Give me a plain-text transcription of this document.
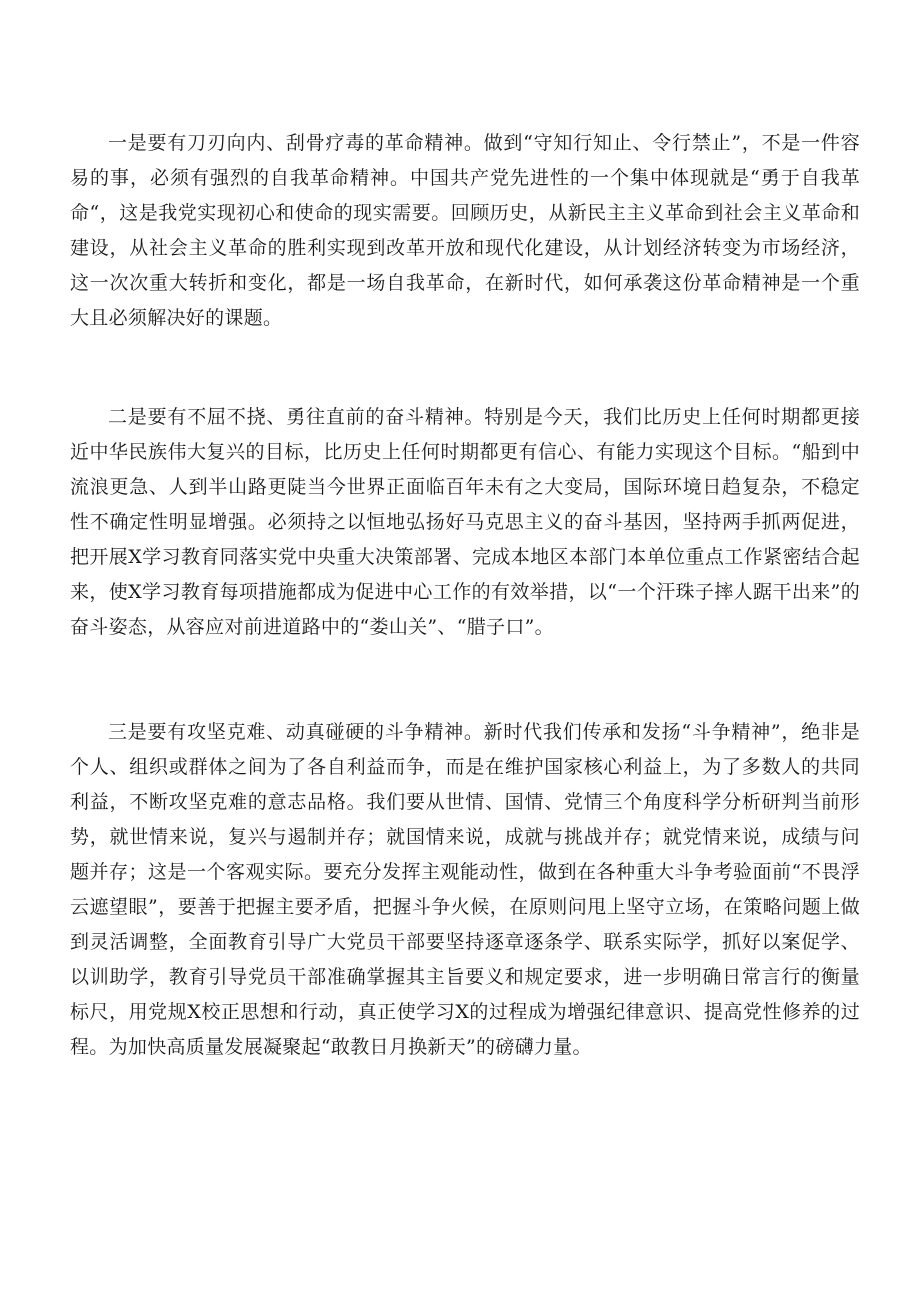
一是要有刀刃向内、刮骨疗毒的革命精神。做到“守知行知止、令行禁止”，不是一件容易的事，必须有强烈的自我革命精神。中国共产党先进性的一个集中体现就是“勇于自我革命“，这是我党实现初心和使命的现实需要。回顾历史，从新民主主义革命到社会主义革命和建设，从社会主义革命的胜利实现到改革开放和现代化建设，从计划经济转变为市场经济，这一次次重大转折和变化，都是一场自我革命，在新时代，如何承袭这份革命精神是一个重大且必须解决好的课题。

二是要有不屈不挠、勇往直前的奋斗精神。特别是今天，我们比历史上任何时期都更接近中华民族伟大复兴的目标，比历史上任何时期都更有信心、有能力实现这个目标。“船到中流浪更急、人到半山路更陡当今世界正面临百年未有之大变局，国际环境日趋复杂，不稳定性不确定性明显增强。必须持之以恒地弘扬好马克思主义的奋斗基因，坚持两手抓两促进，把开展X学习教育同落实党中央重大决策部署、完成本地区本部门本单位重点工作紧密结合起来，使X学习教育每项措施都成为促进中心工作的有效举措，以“一个汗珠子摔人踞干出来”的奋斗姿态，从容应对前进道路中的“娄山关”、“腊子口”。

三是要有攻坚克难、动真碰硬的斗争精神。新时代我们传承和发扬“斗争精神”，绝非是个人、组织或群体之间为了各自利益而争，而是在维护国家核心利益上，为了多数人的共同利益，不断攻坚克难的意志品格。我们要从世情、国情、党情三个角度科学分析研判当前形势，就世情来说，复兴与遏制并存；就国情来说，成就与挑战并存；就党情来说，成绩与问题并存；这是一个客观实际。要充分发挥主观能动性，做到在各种重大斗争考验面前“不畏浮云遮望眼”，要善于把握主要矛盾，把握斗争火候，在原则问甩上坚守立场，在策略问题上做到灵活调整，全面教育引导广大党员干部要坚持逐章逐条学、联系实际学，抓好以案促学、以训助学，教育引导党员干部准确掌握其主旨要义和规定要求，进一步明确日常言行的衡量标尺，用党规X校正思想和行动，真正使学习X的过程成为增强纪律意识、提高党性修养的过程。为加快高质量发展凝聚起“敢教日月换新天”的磅礴力量。
